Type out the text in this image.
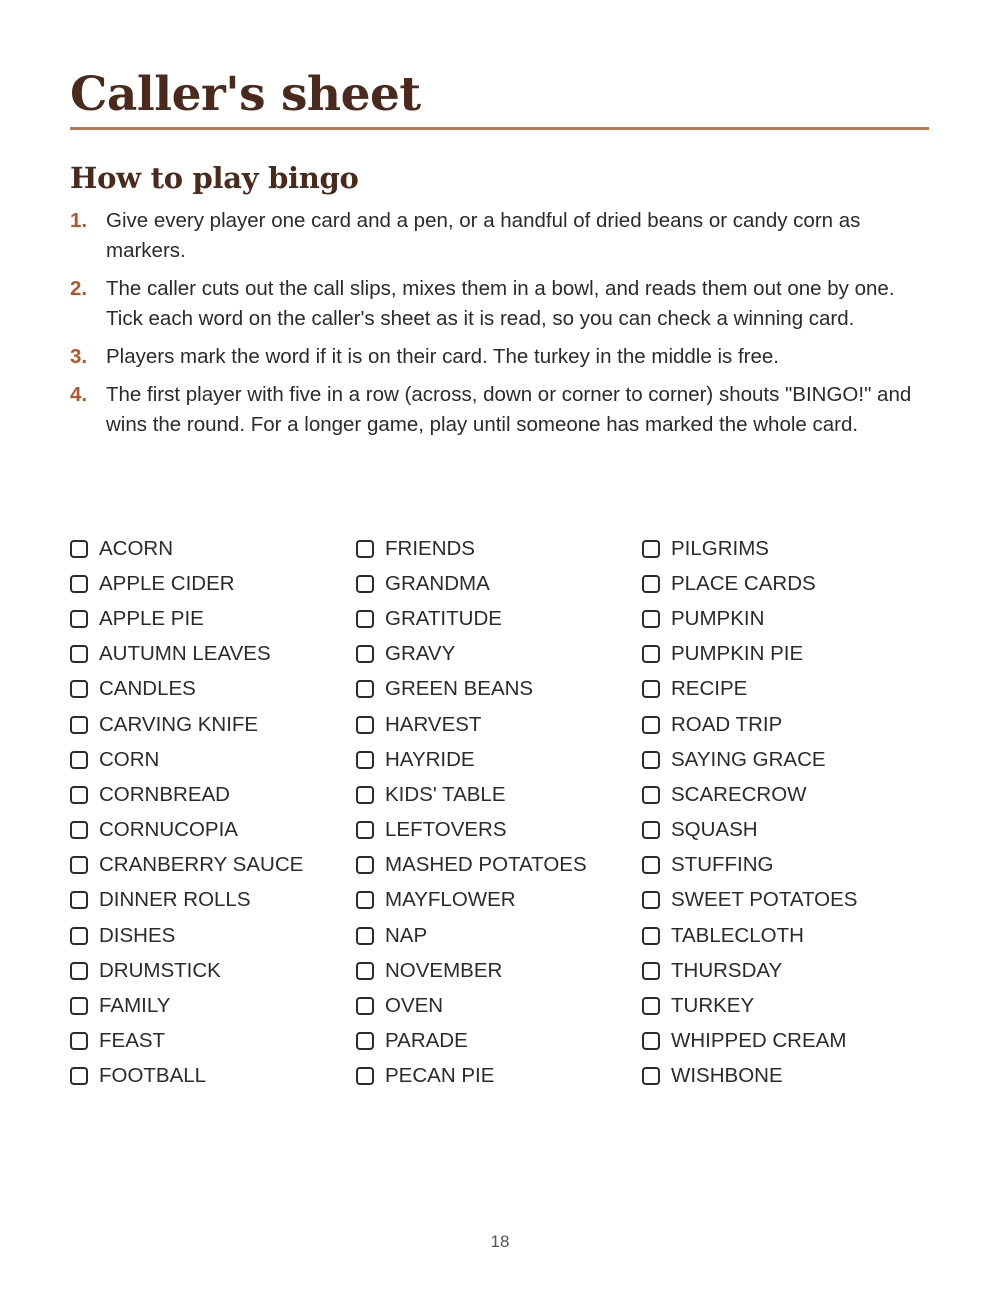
Caller's sheet
How to play bingo
1. Give every player one card and a pen, or a handful of dried beans or candy corn as markers.
2. The caller cuts out the call slips, mixes them in a bowl, and reads them out one by one. Tick each word on the caller's sheet as it is read, so you can check a winning card.
3. Players mark the word if it is on their card. The turkey in the middle is free.
4. The first player with five in a row (across, down or corner to corner) shouts "BINGO!" and wins the round. For a longer game, play until someone has marked the whole card.
ACORN
APPLE CIDER
APPLE PIE
AUTUMN LEAVES
CANDLES
CARVING KNIFE
CORN
CORNBREAD
CORNUCOPIA
CRANBERRY SAUCE
DINNER ROLLS
DISHES
DRUMSTICK
FAMILY
FEAST
FOOTBALL
FRIENDS
GRANDMA
GRATITUDE
GRAVY
GREEN BEANS
HARVEST
HAYRIDE
KIDS' TABLE
LEFTOVERS
MASHED POTATOES
MAYFLOWER
NAP
NOVEMBER
OVEN
PARADE
PECAN PIE
PILGRIMS
PLACE CARDS
PUMPKIN
PUMPKIN PIE
RECIPE
ROAD TRIP
SAYING GRACE
SCARECROW
SQUASH
STUFFING
SWEET POTATOES
TABLECLOTH
THURSDAY
TURKEY
WHIPPED CREAM
WISHBONE
18
